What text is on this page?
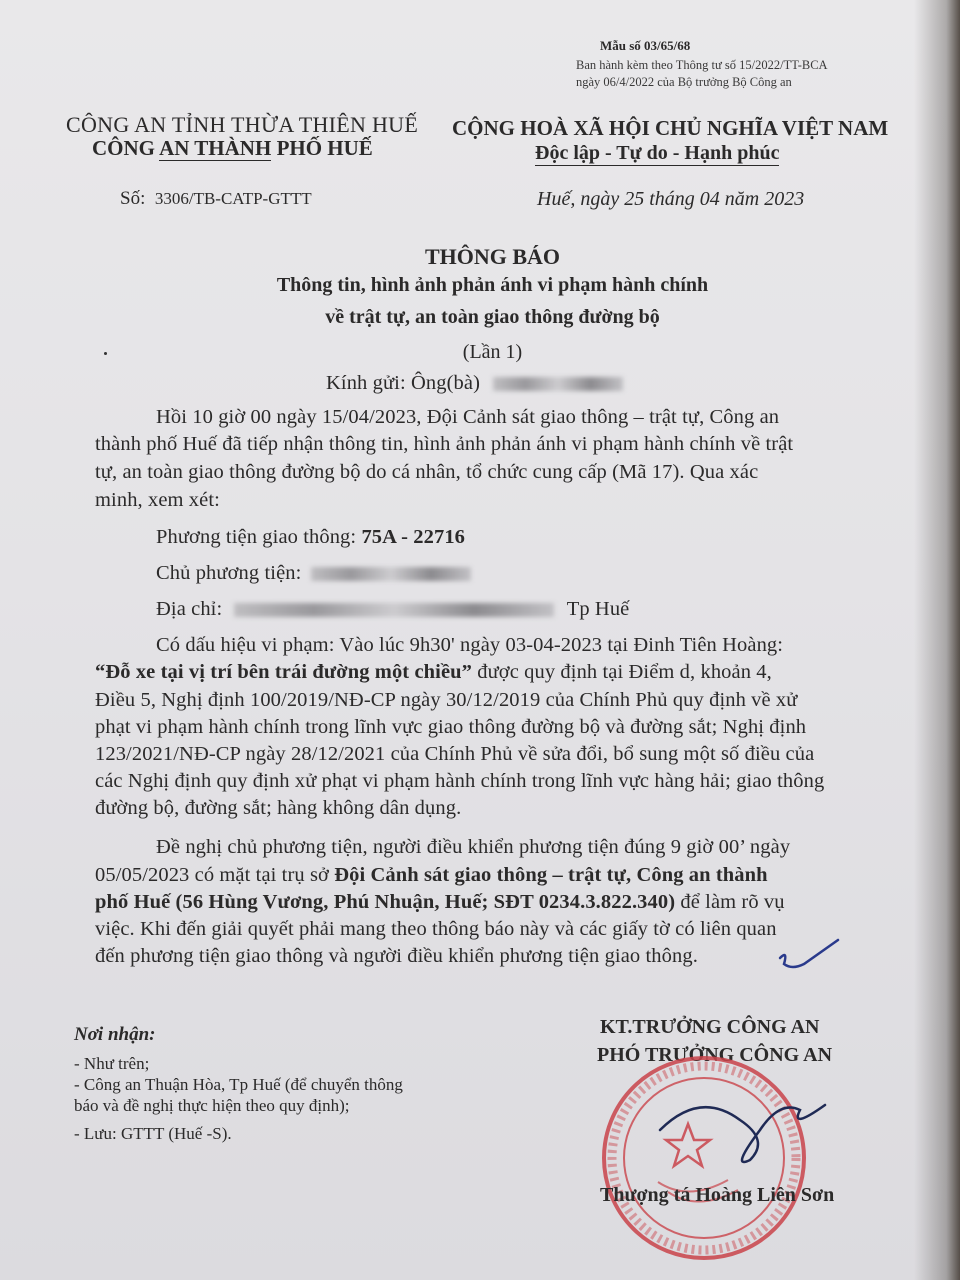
Mẫu số 03/65/68
Ban hành kèm theo Thông tư số 15/2022/TT-BCA
ngày 06/4/2022 của Bộ trưởng Bộ Công an
CÔNG AN TỈNH THỪA THIÊN HUẾ
CÔNG AN THÀNH PHỐ HUẾ
CỘNG HOÀ XÃ HỘI CHỦ NGHĨA VIỆT NAM
Độc lập - Tự do - Hạnh phúc
Số: 3306/TB-CATP-GTTT	Huế, ngày 25 tháng 04 năm 2023
THÔNG BÁO
Thông tin, hình ảnh phản ánh vi phạm hành chính
về trật tự, an toàn giao thông đường bộ
(Lần 1)
Kính gửi: Ông(bà)
Hồi 10 giờ 00 ngày 15/04/2023, Đội Cảnh sát giao thông – trật tự, Công an
thành phố Huế đã tiếp nhận thông tin, hình ảnh phản ánh vi phạm hành chính về trật
tự, an toàn giao thông đường bộ do cá nhân, tổ chức cung cấp (Mã 17). Qua xác
minh, xem xét:
Phương tiện giao thông: 75A - 22716
Chủ phương tiện:
Địa chỉ:	Tp Huế
Có dấu hiệu vi phạm: Vào lúc 9h30' ngày 03-04-2023 tại Đinh Tiên Hoàng:
“Đỗ xe tại vị trí bên trái đường một chiều” được quy định tại Điểm d, khoản 4,
Điều 5, Nghị định 100/2019/NĐ-CP ngày 30/12/2019 của Chính Phủ quy định về xử
phạt vi phạm hành chính trong lĩnh vực giao thông đường bộ và đường sắt; Nghị định
123/2021/NĐ-CP ngày 28/12/2021 của Chính Phủ về sửa đổi, bổ sung một số điều của
các Nghị định quy định xử phạt vi phạm hành chính trong lĩnh vực hàng hải; giao thông
đường bộ, đường sắt; hàng không dân dụng.
Đề nghị chủ phương tiện, người điều khiển phương tiện đúng 9 giờ 00’ ngày
05/05/2023 có mặt tại trụ sở Đội Cảnh sát giao thông – trật tự, Công an thành
phố Huế (56 Hùng Vương, Phú Nhuận, Huế; SĐT 0234.3.822.340) để làm rõ vụ
việc. Khi đến giải quyết phải mang theo thông báo này và các giấy tờ có liên quan
đến phương tiện giao thông và người điều khiển phương tiện giao thông.
Nơi nhận:
- Như trên;
- Công an Thuận Hòa, Tp Huế (để chuyển thông
báo và đề nghị thực hiện theo quy định);
- Lưu: GTTT (Huế -S).
KT.TRƯỞNG CÔNG AN
PHÓ TRƯỞNG CÔNG AN
Thượng tá Hoàng Liên Sơn
